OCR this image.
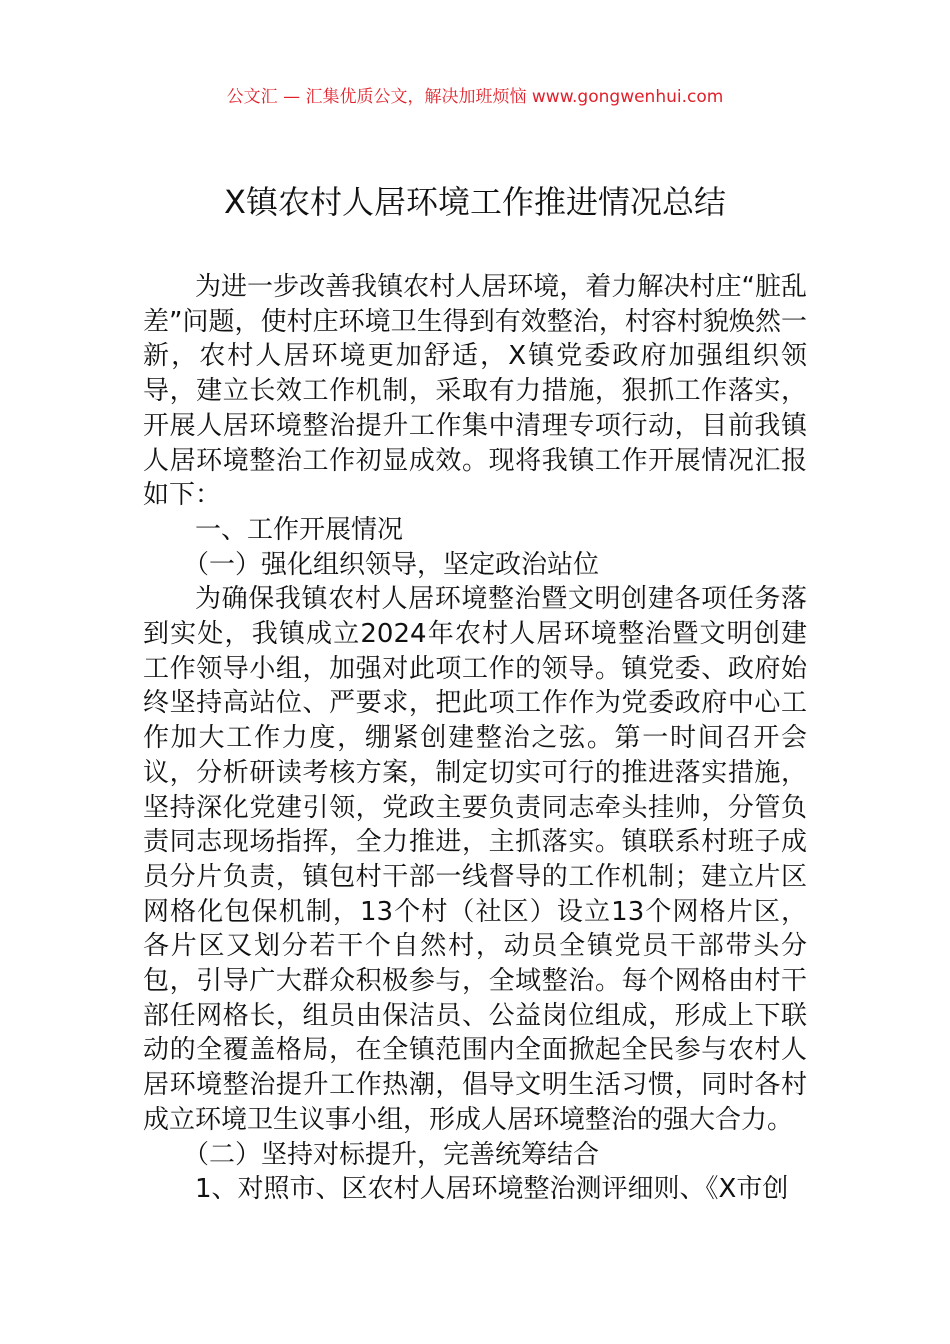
公文汇 — 汇集优质公文，解决加班烦恼 www.gongwenhui.com
X镇农村人居环境工作推进情况总结

为进一步改善我镇农村人居环境，着力解决村庄“脏乱差”问题，使村庄环境卫生得到有效整治，村容村貌焕然一新，农村人居环境更加舒适，X镇党委政府加强组织领导，建立长效工作机制，采取有力措施，狠抓工作落实，开展人居环境整治提升工作集中清理专项行动，目前我镇人居环境整治工作初显成效。现将我镇工作开展情况汇报如下：

一、工作开展情况

（一）强化组织领导，坚定政治站位

为确保我镇农村人居环境整治暨文明创建各项任务落到实处，我镇成立2024年农村人居环境整治暨文明创建工作领导小组，加强对此项工作的领导。镇党委、政府始终坚持高站位、严要求，把此项工作作为党委政府中心工作加大工作力度，绷紧创建整治之弦。第一时间召开会议，分析研读考核方案，制定切实可行的推进落实措施，坚持深化党建引领，党政主要负责同志牵头挂帅，分管负责同志现场指挥，全力推进，主抓落实。镇联系村班子成员分片负责，镇包村干部一线督导的工作机制；建立片区网格化包保机制，13个村（社区）设立13个网格片区，各片区又划分若干个自然村，动员全镇党员干部带头分包，引导广大群众积极参与，全域整治。每个网格由村干部任网格长，组员由保洁员、公益岗位组成，形成上下联动的全覆盖格局，在全镇范围内全面掀起全民参与农村人居环境整治提升工作热潮，倡导文明生活习惯，同时各村成立环境卫生议事小组，形成人居环境整治的强大合力。

（二）坚持对标提升，完善统筹结合

1、对照市、区农村人居环境整治测评细则、《X市创
